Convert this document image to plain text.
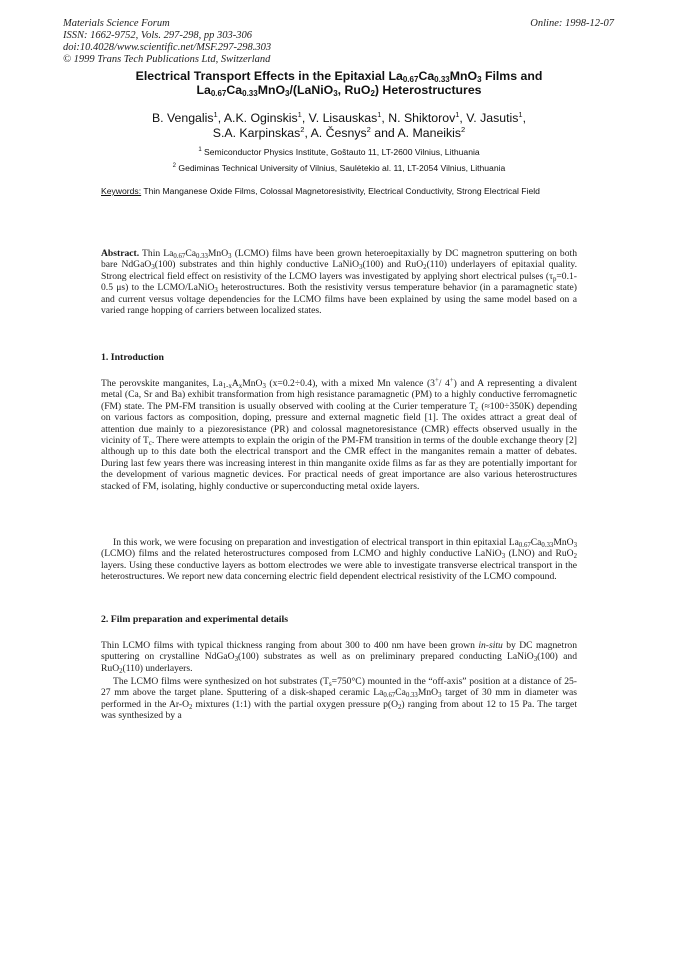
Materials Science Forum
ISSN: 1662-9752, Vols. 297-298, pp 303-306
doi:10.4028/www.scientific.net/MSF.297-298.303
© 1999 Trans Tech Publications Ltd, Switzerland
Online: 1998-12-07
Electrical Transport Effects in the Epitaxial $La_{0.67}Ca_{0.33}MnO_3$ Films and
$La_{0.67}Ca_{0.33}MnO_3/(LaNiO_3$, RuO$_2$) Heterostructures
B. Vengalis$^1$, A.K. Oginskis$^1$, V. Lisauskas$^1$, N. Shiktorov$^1$, V. Jasutis$^1$,
S.A. Karpinskas$^2$, A. Česnys$^2$ and A. Maneikis$^2$
$^1$ Semiconductor Physics Institute, Goštauto 11, LT-2600 Vilnius, Lithuania
$^2$ Gediminas Technical University of Vilnius, Saulėtekio al. 11, LT-2054 Vilnius, Lithuania
Keywords: Thin Manganese Oxide Films, Colossal Magnetoresistivity, Electrical Conductivity, Strong Electrical Field

Abstract. Thin $La_{0.67}Ca_{0.33}MnO_3$ (LCMO) films have been grown heteroepitaxially by DC magnetron sputtering on both bare NdGaO$_3$(100) substrates and thin highly conductive LaNiO$_3$(100) and RuO$_2$(110) underlayers of epitaxial quality. Strong electrical field effect on resistivity of the LCMO layers was investigated by applying short electrical pulses ($\tau_p=0.1-0.5$ μs) to the LCMO/LaNiO$_3$ heterostructures. Both the resistivity versus temperature behavior (in a paramagnetic state) and current versus voltage dependencies for the LCMO films have been explained by using the same model based on a varied range hopping of carriers between localized states.

1. Introduction

The perovskite manganites, $La_{1-x}A_xMnO_3$ (x=0.2÷0.4), with a mixed Mn valence (3+/ 4+) and A representing a divalent metal (Ca, Sr and Ba) exhibit transformation from high resistance paramagnetic (PM) to a highly conductive ferromagnetic (FM) state. The PM-FM transition is usually observed with cooling at the Curier temperature $T_c$ (≈100÷350K) depending on various factors as composition, doping, pressure and external magnetic field [1]. The oxides attract a great deal of attention due mainly to a piezoresistance (PR) and colossal magnetoresistance (CMR) effects observed usually in the vicinity of $T_c$. There were attempts to explain the origin of the PM-FM transition in terms of the double exchange theory [2] although up to this date both the electrical transport and the CMR effect in the manganites remain a matter of debates. During last few years there was increasing interest in thin manganite oxide films as far as they are potentially important for the development of various magnetic devices. For practical needs of great importance are also various heterostructures stacked of FM, isolating, highly conductive or superconducting metal oxide layers.

In this work, we were focusing on preparation and investigation of electrical transport in thin epitaxial $La_{0.67}Ca_{0.33}MnO_3$ (LCMO) films and the related heterostructures composed from LCMO and highly conductive LaNiO$_3$ (LNO) and RuO$_2$ layers. Using these conductive layers as bottom electrodes we were able to investigate transverse electrical transport in the heterostructures. We report new data concerning electric field dependent electrical resistivity of the LCMO compound.

2. Film preparation and experimental details

Thin LCMO films with typical thickness ranging from about 300 to 400 nm have been grown in-situ by DC magnetron sputtering on crystalline NdGaO$_3$(100) substrates as well as on preliminary prepared conducting LaNiO$_3$(100) and RuO$_2$(110) underlayers.

The LCMO films were synthesized on hot substrates $(T_s=750^\circ C)$ mounted in the “off-axis” position at a distance of 25-27 mm above the target plane. Sputtering of a disk-shaped ceramic $La_{0.67}Ca_{0.33}MnO_3$ target of 30 mm in diameter was performed in the $Ar-O_2$ mixtures (1:1) with the partial oxygen pressure $p(O_2)$ ranging from about 12 to 15 Pa. The target was synthesized by a
